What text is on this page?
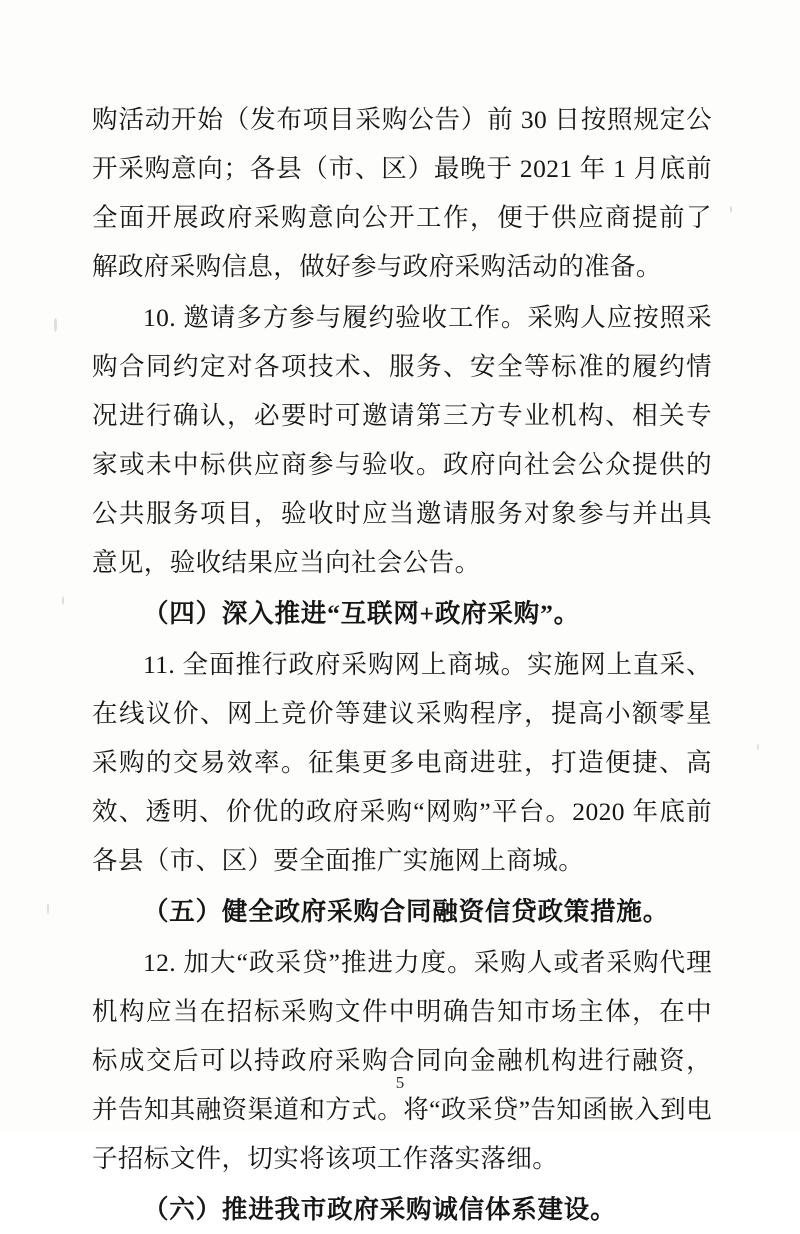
购活动开始（发布项目采购公告）前 30 日按照规定公开采购意向；各县（市、区）最晚于 2021 年 1 月底前全面开展政府采购意向公开工作，便于供应商提前了解政府采购信息，做好参与政府采购活动的准备。

10. 邀请多方参与履约验收工作。采购人应按照采购合同约定对各项技术、服务、安全等标准的履约情况进行确认，必要时可邀请第三方专业机构、相关专家或未中标供应商参与验收。政府向社会公众提供的公共服务项目，验收时应当邀请服务对象参与并出具意见，验收结果应当向社会公告。

（四）深入推进“互联网+政府采购”。

11. 全面推行政府采购网上商城。实施网上直采、在线议价、网上竞价等建议采购程序，提高小额零星采购的交易效率。征集更多电商进驻，打造便捷、高效、透明、价优的政府采购“网购”平台。2020 年底前各县（市、区）要全面推广实施网上商城。

（五）健全政府采购合同融资信贷政策措施。

12. 加大“政采贷”推进力度。采购人或者采购代理机构应当在招标采购文件中明确告知市场主体，在中标成交后可以持政府采购合同向金融机构进行融资，并告知其融资渠道和方式。将“政采贷”告知函嵌入到电子招标文件，切实将该项工作落实落细。

（六）推进我市政府采购诚信体系建设。

5
